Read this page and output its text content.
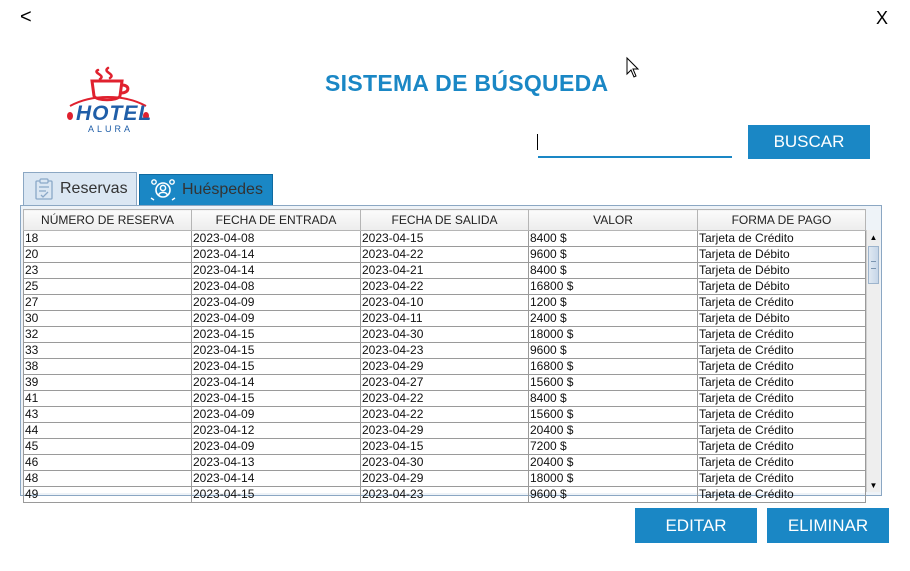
<	X
HOTEL
ALURA
SISTEMA DE BÚSQUEDA
BUSCAR
Reservas	Huéspedes
NÚMERO DE RESERVA	FECHA DE ENTRADA	FECHA DE SALIDA	VALOR	FORMA DE PAGO
18	2023-04-08	2023-04-15	8400 $	Tarjeta de Crédito
20	2023-04-14	2023-04-22	9600 $	Tarjeta de Débito
23	2023-04-14	2023-04-21	8400 $	Tarjeta de Débito
25	2023-04-08	2023-04-22	16800 $	Tarjeta de Débito
27	2023-04-09	2023-04-10	1200 $	Tarjeta de Crédito
30	2023-04-09	2023-04-11	2400 $	Tarjeta de Débito
32	2023-04-15	2023-04-30	18000 $	Tarjeta de Crédito
33	2023-04-15	2023-04-23	9600 $	Tarjeta de Crédito
38	2023-04-15	2023-04-29	16800 $	Tarjeta de Crédito
39	2023-04-14	2023-04-27	15600 $	Tarjeta de Crédito
41	2023-04-15	2023-04-22	8400 $	Tarjeta de Crédito
43	2023-04-09	2023-04-22	15600 $	Tarjeta de Crédito
44	2023-04-12	2023-04-29	20400 $	Tarjeta de Crédito
45	2023-04-09	2023-04-15	7200 $	Tarjeta de Crédito
46	2023-04-13	2023-04-30	20400 $	Tarjeta de Crédito
48	2023-04-14	2023-04-29	18000 $	Tarjeta de Crédito
49	2023-04-15	2023-04-23	9600 $	Tarjeta de Crédito
▲
▼
EDITAR	ELIMINAR
